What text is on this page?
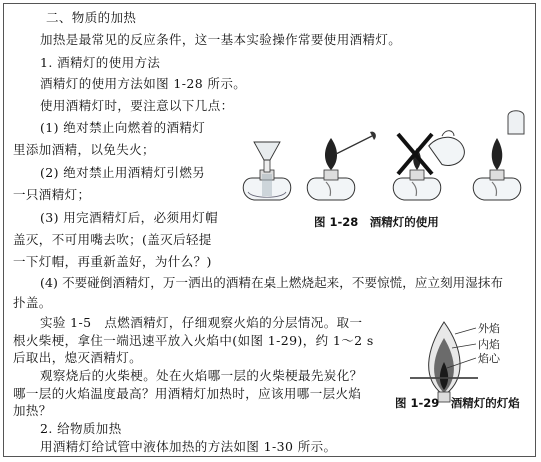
二、物质的加热
加热是最常见的反应条件，这一基本实验操作常要使用酒精灯。
1. 酒精灯的使用方法
酒精灯的使用方法如图 1-28 所示。
使用酒精灯时，要注意以下几点：
(1) 绝对禁止向燃着的酒精灯
里添加酒精，以免失火；
(2) 绝对禁止用酒精灯引燃另
一只酒精灯；
(3) 用完酒精灯后，必须用灯帽
盖灭，不可用嘴去吹；(盖灭后轻提
一下灯帽，再重新盖好，为什么？)
(4) 不要碰倒酒精灯，万一洒出的酒精在桌上燃烧起来，不要惊慌，应立刻用湿抹布
扑盖。
实验 1-5　点燃酒精灯，仔细观察火焰的分层情况。取一
根火柴梗，拿住一端迅速平放入火焰中(如图 1-29)，约 1～2 s
后取出，熄灭酒精灯。
观察烧后的火柴梗。处在火焰哪一层的火柴梗最先炭化？
哪一层的火焰温度最高？用酒精灯加热时，应该用哪一层火焰
加热？
图 1-28　酒精灯的使用
外焰
内焰
焰心
图 1-29　酒精灯的灯焰
2. 给物质加热
用酒精灯给试管中液体加热的方法如图 1-30 所示。
